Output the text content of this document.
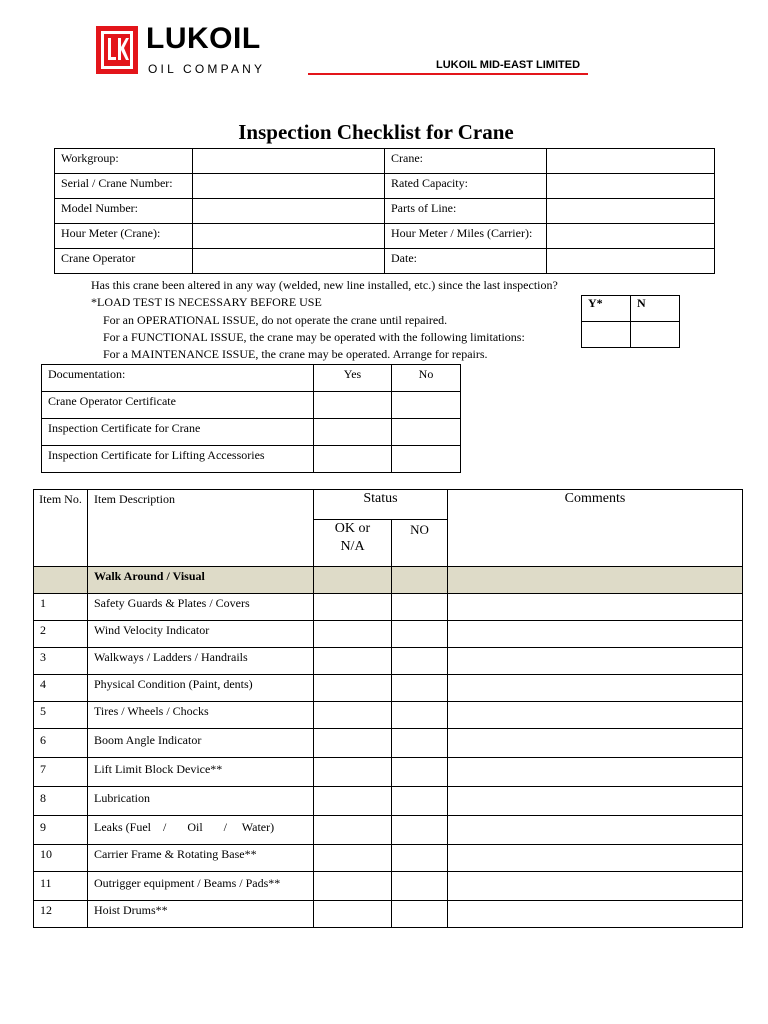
LUKOIL
OIL COMPANY	LUKOIL MID-EAST LIMITED
Inspection Checklist for Crane
Workgroup:		Crane:	
Serial / Crane Number:		Rated Capacity:	
Model Number:		Parts of Line:	
Hour Meter (Crane):		Hour Meter / Miles (Carrier):	
Crane Operator		Date:	
Has this crane been altered in any way (welded, new line installed, etc.) since the last inspection?
*LOAD TEST IS NECESSARY BEFORE USE
For an OPERATIONAL ISSUE, do not operate the crane until repaired.
For a FUNCTIONAL ISSUE, the crane may be operated with the following limitations:
For a MAINTENANCE ISSUE, the crane may be operated. Arrange for repairs.
Y*	N

Documentation:	Yes	No
Crane Operator Certificate		
Inspection Certificate for Crane		
Inspection Certificate for Lifting Accessories		
Item No.	Item Description	Status		Comments
		OK or N/A	NO	
	Walk Around / Visual			
1	Safety Guards & Plates / Covers			
2	Wind Velocity Indicator			
3	Walkways / Ladders / Handrails			
4	Physical Condition (Paint, dents)			
5	Tires / Wheels / Chocks			
6	Boom Angle Indicator			
7	Lift Limit Block Device**			
8	Lubrication			
9	Leaks (Fuel    /       Oil       /     Water)			
10	Carrier Frame & Rotating Base**			
11	Outrigger equipment / Beams / Pads**			
12	Hoist Drums**			
